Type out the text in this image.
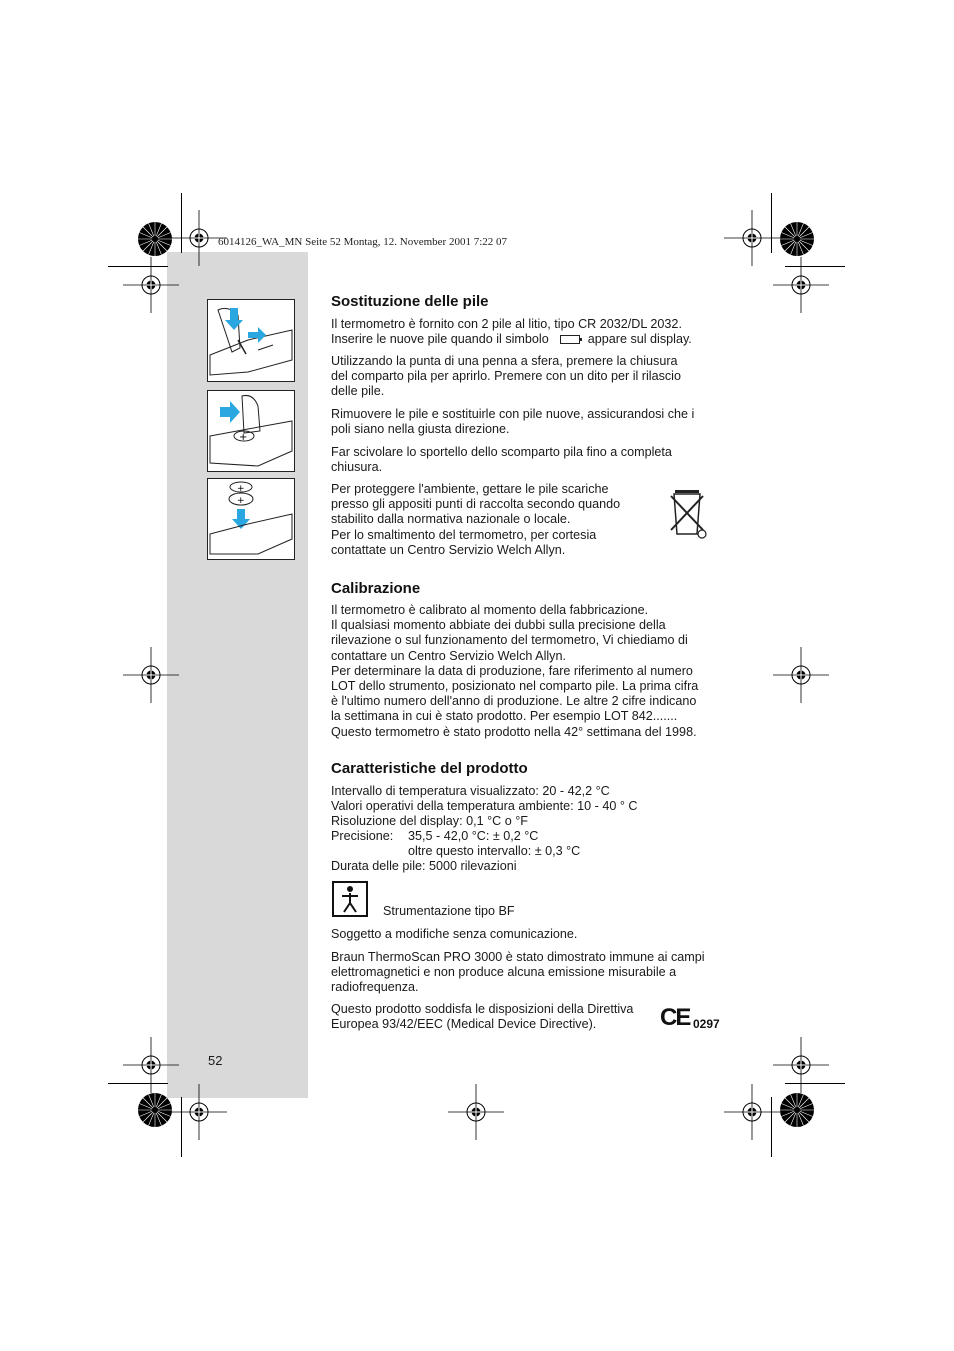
6014126_WA_MN Seite 52 Montag, 12. November 2001 7:22 07
+
+
+
Sostituzione delle pile
Il termometro è fornito con 2 pile al litio, tipo CR 2032/DL 2032.
Inserire le nuove pile quando il simbolo	appare sul display.
Utilizzando la punta di una penna a sfera, premere la chiusura
del comparto pila per aprirlo. Premere con un dito per il rilascio
delle pile.
Rimuovere le pile e sostituirle con pile nuove, assicurandosi che i
poli siano nella giusta direzione.
Far scivolare lo sportello dello scomparto pila fino a completa
chiusura.
Per proteggere l'ambiente, gettare le pile scariche
presso gli appositi punti di raccolta secondo quando
stabilito dalla normativa nazionale o locale.
Per lo smaltimento del termometro, per cortesia
contattate un Centro Servizio Welch Allyn.
Calibrazione
Il termometro è calibrato al momento della fabbricazione.
Il qualsiasi momento abbiate dei dubbi sulla precisione della
rilevazione o sul funzionamento del termometro, Vi chiediamo di
contattare un Centro Servizio Welch Allyn.
Per determinare la data di produzione, fare riferimento al numero
LOT dello strumento, posizionato nel comparto pile. La prima cifra
è l'ultimo numero dell'anno di produzione. Le altre 2 cifre indicano
la settimana in cui è stato prodotto. Per esempio LOT 842.......
Questo termometro è stato prodotto nella 42° settimana del 1998.
Caratteristiche del prodotto
Intervallo di temperatura visualizzato: 20 - 42,2 °C
Valori operativi della temperatura ambiente: 10 - 40 ° C
Risoluzione del display: 0,1 °C o °F
Precisione: 35,5 - 42,0 °C: ± 0,2 °C
oltre questo intervallo: ± 0,3 °C
Durata delle pile: 5000 rilevazioni
Strumentazione tipo BF
Soggetto a modifiche senza comunicazione.
Braun ThermoScan PRO 3000 è stato dimostrato immune ai campi
elettromagnetici e non produce alcuna emissione misurabile a
radiofrequenza.
Questo prodotto soddisfa le disposizioni della Direttiva
Europea 93/42/EEC (Medical Device Directive).	CE 0297
52
